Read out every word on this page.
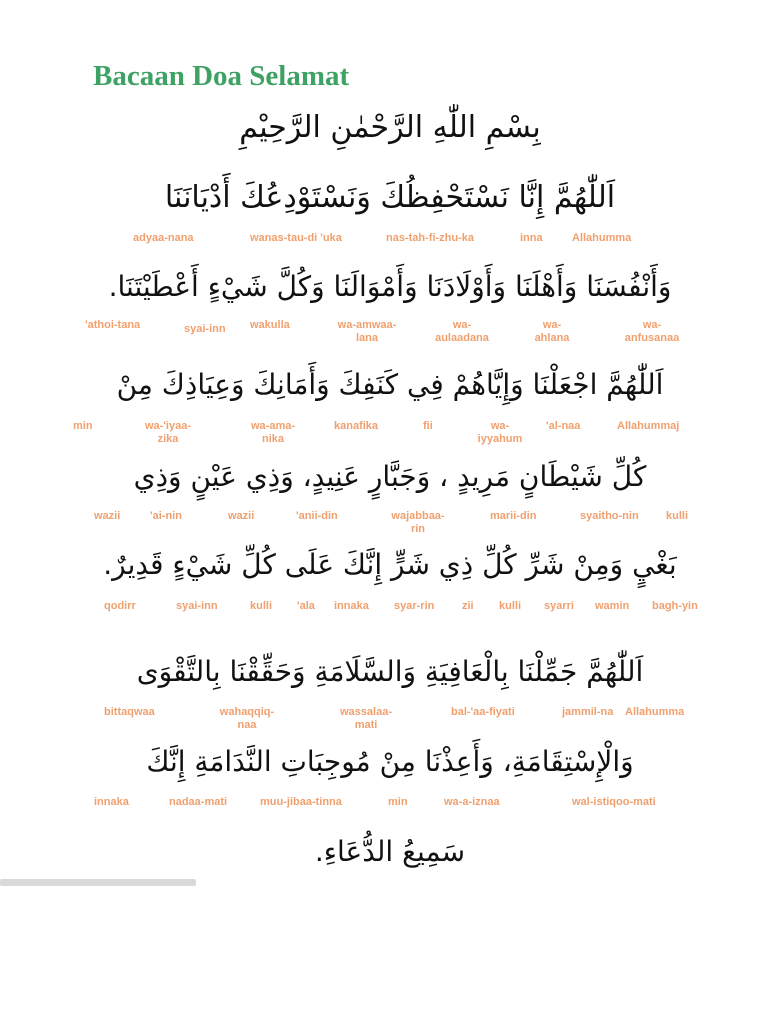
Bacaan Doa Selamat
بِسْمِ اللّٰهِ الرَّحْمٰنِ الرَّحِيْمِ
اَللّٰهُمَّ إِنَّا نَسْتَحْفِظُكَ وَنَسْتَوْدِعُكَ أَدْيَانَنَا
adyaa-nana	wanas-tau-di 'uka	nas-tah-fi-zhu-ka	inna	Allahumma
وَأَنْفُسَنَا وَأَهْلَنَا وَأَوْلَادَنَا وَأَمْوَالَنَا وَكُلَّ شَيْءٍ أَعْطَيْتَنَا.
'athoi-tana	syai-inn wakulla	wa-amwaa-
lana
wa-
aulaadana
wa-
ahlana
wa-
anfusanaa
اَللّٰهُمَّ اجْعَلْنَا وَإِيَّاهُمْ فِي كَنَفِكَ وَأَمَانِكَ وَعِيَاذِكَ مِنْ
min	wa-'iyaa-
zika
wa-ama-
nika
kanafika	fii	wa-
iyyahum
'al-naa	Allahummaj
كُلِّ شَيْطَانٍ مَرِيدٍ ، وَجَبَّارٍ عَنِيدٍ، وَذِي عَيْنٍ وَذِي
wazii	'ai-nin	wazii	'anii-din	wajabbaa-
rin
marii-din	syaitho-nin kulli
بَغْيٍ وَمِنْ شَرِّ كُلِّ ذِي شَرٍّ إِنَّكَ عَلَى كُلِّ شَيْءٍ قَدِيرٌ.
qodirr	syai-inn	kulli 'ala innaka syar-rin	zii kulli syarri wamin bagh-yin
اَللّٰهُمَّ جَمِّلْنَا بِالْعَافِيَةِ وَالسَّلَامَةِ وَحَقِّقْنَا بِالتَّقْوَى
bittaqwaa	wahaqqiq-
naa
wassalaa-
mati
bal-'aa-fiyati	jammil-na Allahumma
وَالْإِسْتِقَامَةِ، وَأَعِذْنَا مِنْ مُوجِبَاتِ النَّدَامَةِ إِنَّكَ
innaka	nadaa-mati	muu-jibaa-tinna	min	wa-a-iznaa	wal-istiqoo-mati
سَمِيعُ الدُّعَاءِ.
